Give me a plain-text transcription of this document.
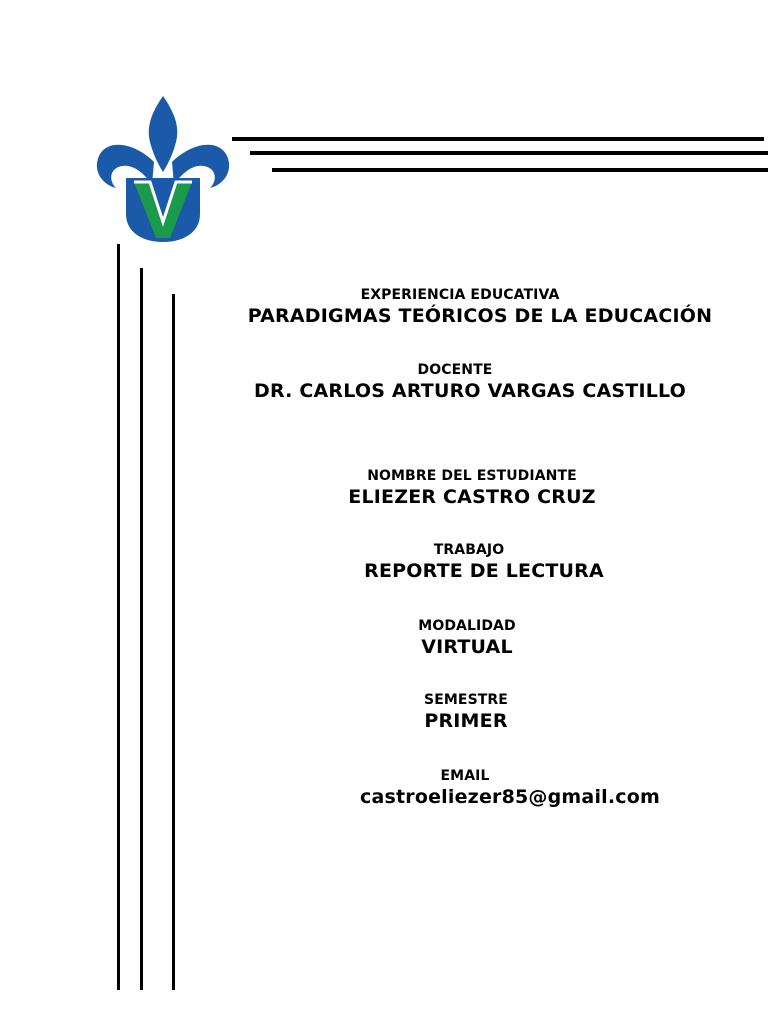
EXPERIENCIA EDUCATIVA
PARADIGMAS TEÓRICOS DE LA EDUCACIÓN
DOCENTE
DR. CARLOS ARTURO VARGAS CASTILLO
NOMBRE DEL ESTUDIANTE
ELIEZER CASTRO CRUZ
TRABAJO
REPORTE DE LECTURA
MODALIDAD
VIRTUAL
SEMESTRE
PRIMER
EMAIL
castroeliezer85@gmail.com
